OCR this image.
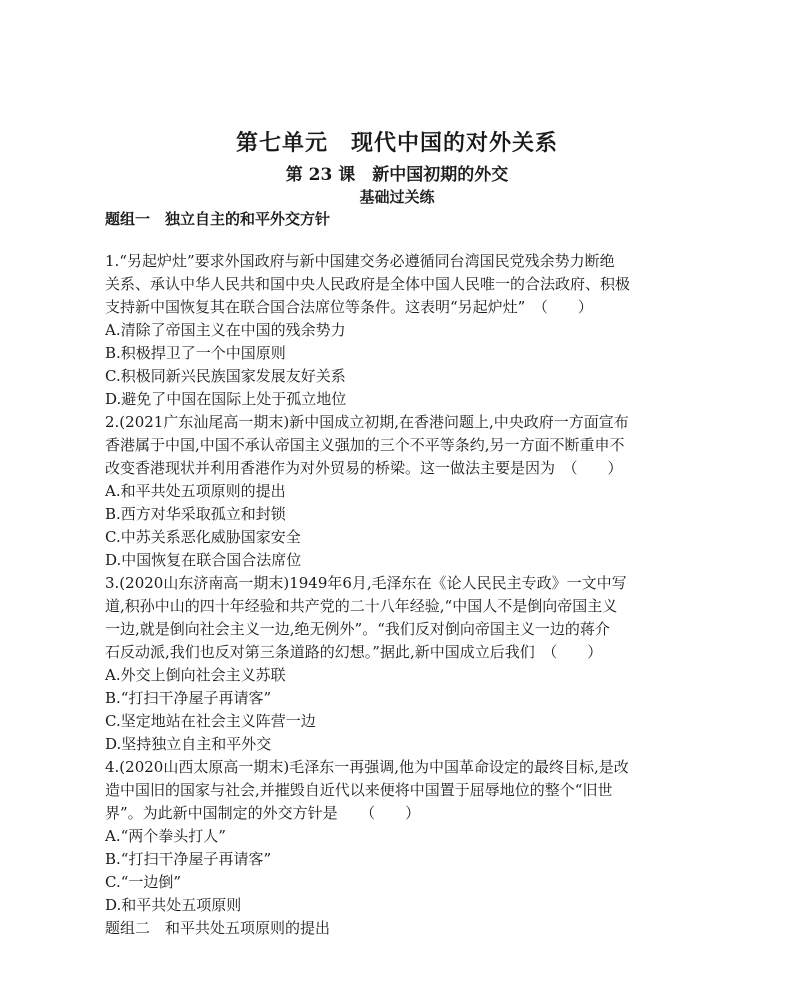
第七单元　现代中国的对外关系
第 23 课　新中国初期的外交
基础过关练
题组一　独立自主的和平外交方针
1.“另起炉灶”要求外国政府与新中国建交务必遵循同台湾国民党残余势力断绝
关系、承认中华人民共和国中央人民政府是全体中国人民唯一的合法政府、积极
支持新中国恢复其在联合国合法席位等条件。这表明“另起炉灶”　（　　）
A.清除了帝国主义在中国的残余势力
B.积极捍卫了一个中国原则
C.积极同新兴民族国家发展友好关系
D.避免了中国在国际上处于孤立地位
2.(2021广东汕尾高一期末)新中国成立初期,在香港问题上,中央政府一方面宣布
香港属于中国,中国不承认帝国主义强加的三个不平等条约,另一方面不断重申不
改变香港现状并利用香港作为对外贸易的桥梁。这一做法主要是因为　（　　）
A.和平共处五项原则的提出
B.西方对华采取孤立和封锁
C.中苏关系恶化威胁国家安全
D.中国恢复在联合国合法席位
3.(2020山东济南高一期末)1949年6月,毛泽东在《论人民民主专政》一文中写
道,积孙中山的四十年经验和共产党的二十八年经验,“中国人不是倒向帝国主义
一边,就是倒向社会主义一边,绝无例外”。“我们反对倒向帝国主义一边的蒋介
石反动派,我们也反对第三条道路的幻想。”据此,新中国成立后我们　（　　）
A.外交上倒向社会主义苏联
B.“打扫干净屋子再请客”
C.坚定地站在社会主义阵营一边
D.坚持独立自主和平外交
4.(2020山西太原高一期末)毛泽东一再强调,他为中国革命设定的最终目标,是改
造中国旧的国家与社会,并摧毁自近代以来便将中国置于屈辱地位的整个“旧世
界”。为此新中国制定的外交方针是　　（　　）
A.“两个拳头打人”
B.“打扫干净屋子再请客”
C.“一边倒”
D.和平共处五项原则
题组二　和平共处五项原则的提出
